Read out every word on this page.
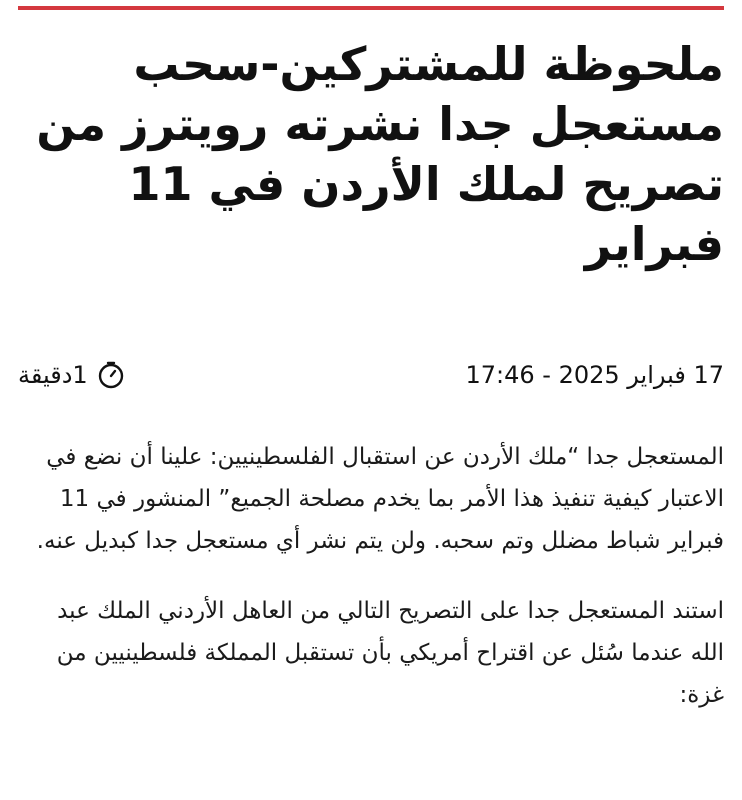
ملحوظة للمشتركين-سحب مستعجل جدا نشرته رويترز من تصريح لملك الأردن في 11 فبراير
17 فبراير 2025 - 17:46
1دقيقة

المستعجل جدا “ملك الأردن عن استقبال الفلسطينيين: علينا أن نضع في الاعتبار كيفية تنفيذ هذا الأمر بما يخدم مصلحة الجميع” المنشور في 11 فبراير شباط مضلل وتم سحبه. ولن يتم نشر أي مستعجل جدا كبديل عنه.

استند المستعجل جدا على التصريح التالي من العاهل الأردني الملك عبد الله عندما سُئل عن اقتراح أمريكي بأن تستقبل المملكة فلسطينيين من غزة:
